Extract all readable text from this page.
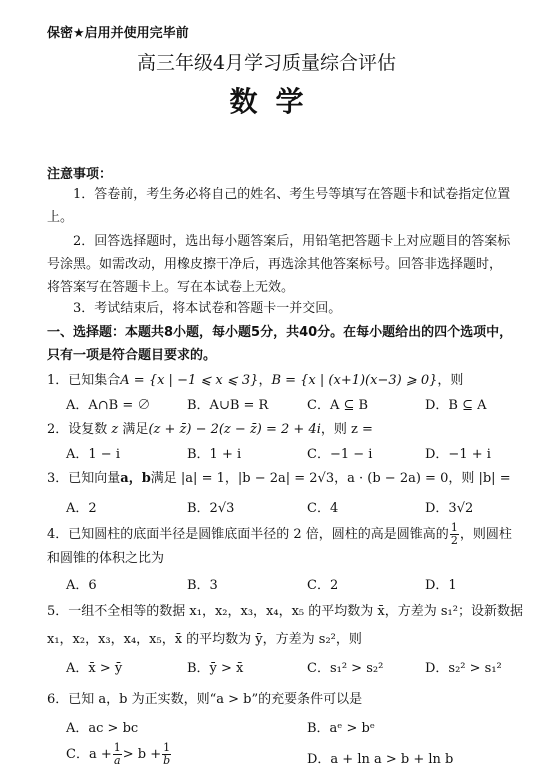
保密★启用并使用完毕前
高三年级4月学习质量综合评估
数学
注意事项：
1．答卷前，考生务必将自己的姓名、考生号等填写在答题卡和试卷指定位置上。
2．回答选择题时，选出每小题答案后，用铅笔把答题卡上对应题目的答案标号涂黑。如需改动，用橡皮擦干净后，再选涂其他答案标号。回答非选择题时，将答案写在答题卡上。写在本试卷上无效。
3．考试结束后，将本试卷和答题卡一并交回。
一、选择题：本题共8小题，每小题5分，共40分。在每小题给出的四个选项中，只有一项是符合题目要求的。
1．已知集合A = {x | −1 ⩽ x ⩽ 3}，B = {x | (x+1)(x−3) ⩾ 0}，则
A．A∩B = ∅	B．A∪B = R	C．A ⊆ B	D．B ⊆ A
2．设复数 z 满足(z + z̄) − 2(z − z̄) = 2 + 4i，则 z =
A．1 − i	B．1 + i	C．−1 − i	D．−1 + i
3．已知向量a，b满足 |a| = 1，|b − 2a| = 2√3，a · (b − 2a) = 0，则 |b| =
A．2	B．2√3	C．4	D．3√2
4．已知圆柱的底面半径是圆锥底面半径的 2 倍，圆柱的高是圆锥高的 $\frac{1}{2}$ ，则圆柱和圆锥的体积之比为
A．6	B．3	C．2	D．1
5．一组不全相等的数据 x₁，x₂，x₃，x₄，x₅ 的平均数为 x̄，方差为 s₁²；设新数据
x₁，x₂，x₃，x₄，x₅，x̄ 的平均数为 ȳ，方差为 s₂²，则
A．x̄ > ȳ	B．ȳ > x̄	C．s₁² > s₂²	D．s₂² > s₁²
6．已知 a，b 为正实数，则“a > b”的充要条件可以是
A．ac > bc	B．aᵉ > bᵉ
C．$a + \frac{1}{a}> b + \frac{1}{b}$	D．a + ln a > b + ln b
